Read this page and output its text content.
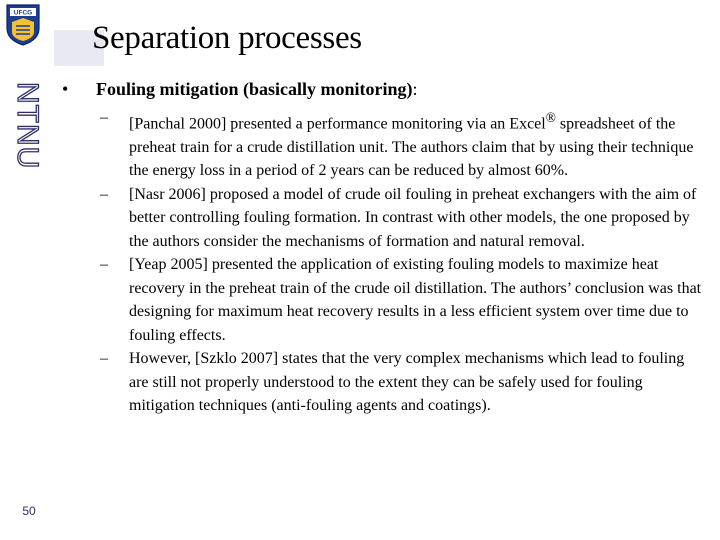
UFCG
NTNU
50
Separation processes
• Fouling mitigation (basically monitoring):
– [Panchal 2000] presented a performance monitoring via an Excel® spreadsheet of the preheat train for a crude distillation unit. The authors claim that by using their technique the energy loss in a period of 2 years can be reduced by almost 60%.
– [Nasr 2006] proposed a model of crude oil fouling in preheat exchangers with the aim of better controlling fouling formation. In contrast with other models, the one proposed by the authors consider the mechanisms of formation and natural removal.
– [Yeap 2005] presented the application of existing fouling models to maximize heat recovery in the preheat train of the crude oil distillation. The authors’ conclusion was that designing for maximum heat recovery results in a less efficient system over time due to fouling effects.
– However, [Szklo 2007] states that the very complex mechanisms which lead to fouling are still not properly understood to the extent they can be safely used for fouling mitigation techniques (anti-fouling agents and coatings).
